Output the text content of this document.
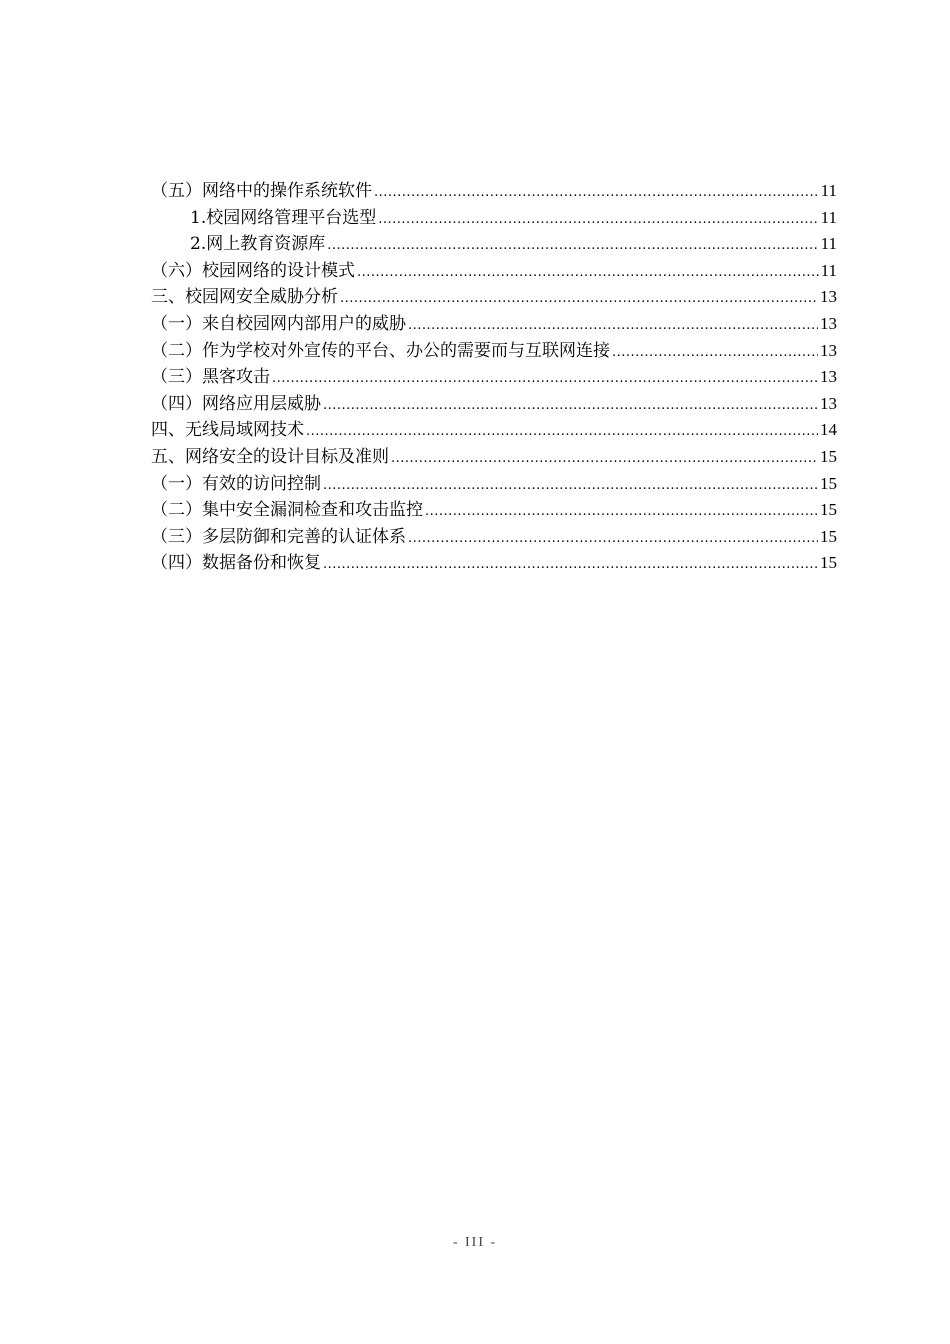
（五）网络中的操作系统软件 .....	11
1.校园网络管理平台选型 .....	11
2.网上教育资源库 .....	11
（六）校园网络的设计模式 .....	11
三、校园网安全威胁分析 .....	13
（一）来自校园网内部用户的威胁 .....	13
（二）作为学校对外宣传的平台、办公的需要而与互联网连接 .....	13
（三）黑客攻击 .....	13
（四）网络应用层威胁 .....	13
四、无线局域网技术 .....	14
五、网络安全的设计目标及准则 .....	15
（一）有效的访问控制 .....	15
（二）集中安全漏洞检查和攻击监控 .....	15
（三）多层防御和完善的认证体系 .....	15
（四）数据备份和恢复 .....	15
- III -
